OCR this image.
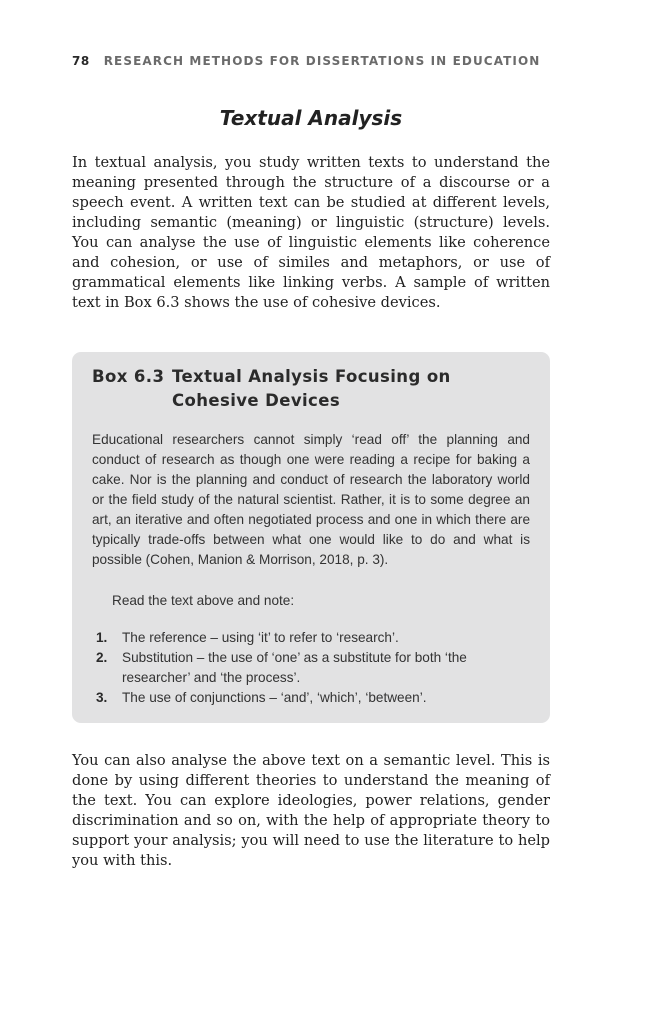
78 RESEARCH METHODS FOR DISSERTATIONS IN EDUCATION
Textual Analysis

In textual analysis, you study written texts to understand the meaning presented through the structure of a discourse or a speech event. A written text can be studied at different levels, including semantic (meaning) or linguistic (structure) levels. You can analyse the use of linguistic elements like coherence and cohesion, or use of similes and metaphors, or use of grammatical elements like linking verbs. A sample of written text in Box 6.3 shows the use of cohesive devices.

Box 6.3 Textual Analysis Focusing on Cohesive Devices

Educational researchers cannot simply ‘read off’ the planning and conduct of research as though one were reading a recipe for baking a cake. Nor is the planning and conduct of research the laboratory world or the field study of the natural scientist. Rather, it is to some degree an art, an iterative and often negotiated process and one in which there are typically trade-offs between what one would like to do and what is possible (Cohen, Manion & Morrison, 2018, p. 3).

Read the text above and note:

1.	The reference – using ‘it’ to refer to ‘research’.
2.	Substitution – the use of ‘one’ as a substitute for both ‘the researcher’ and ‘the process’.
3.	The use of conjunctions – ‘and’, ‘which’, ‘between’.

You can also analyse the above text on a semantic level. This is done by using different theories to understand the meaning of the text. You can explore ideologies, power relations, gender discrimination and so on, with the help of appropriate theory to support your analysis; you will need to use the literature to help you with this.
